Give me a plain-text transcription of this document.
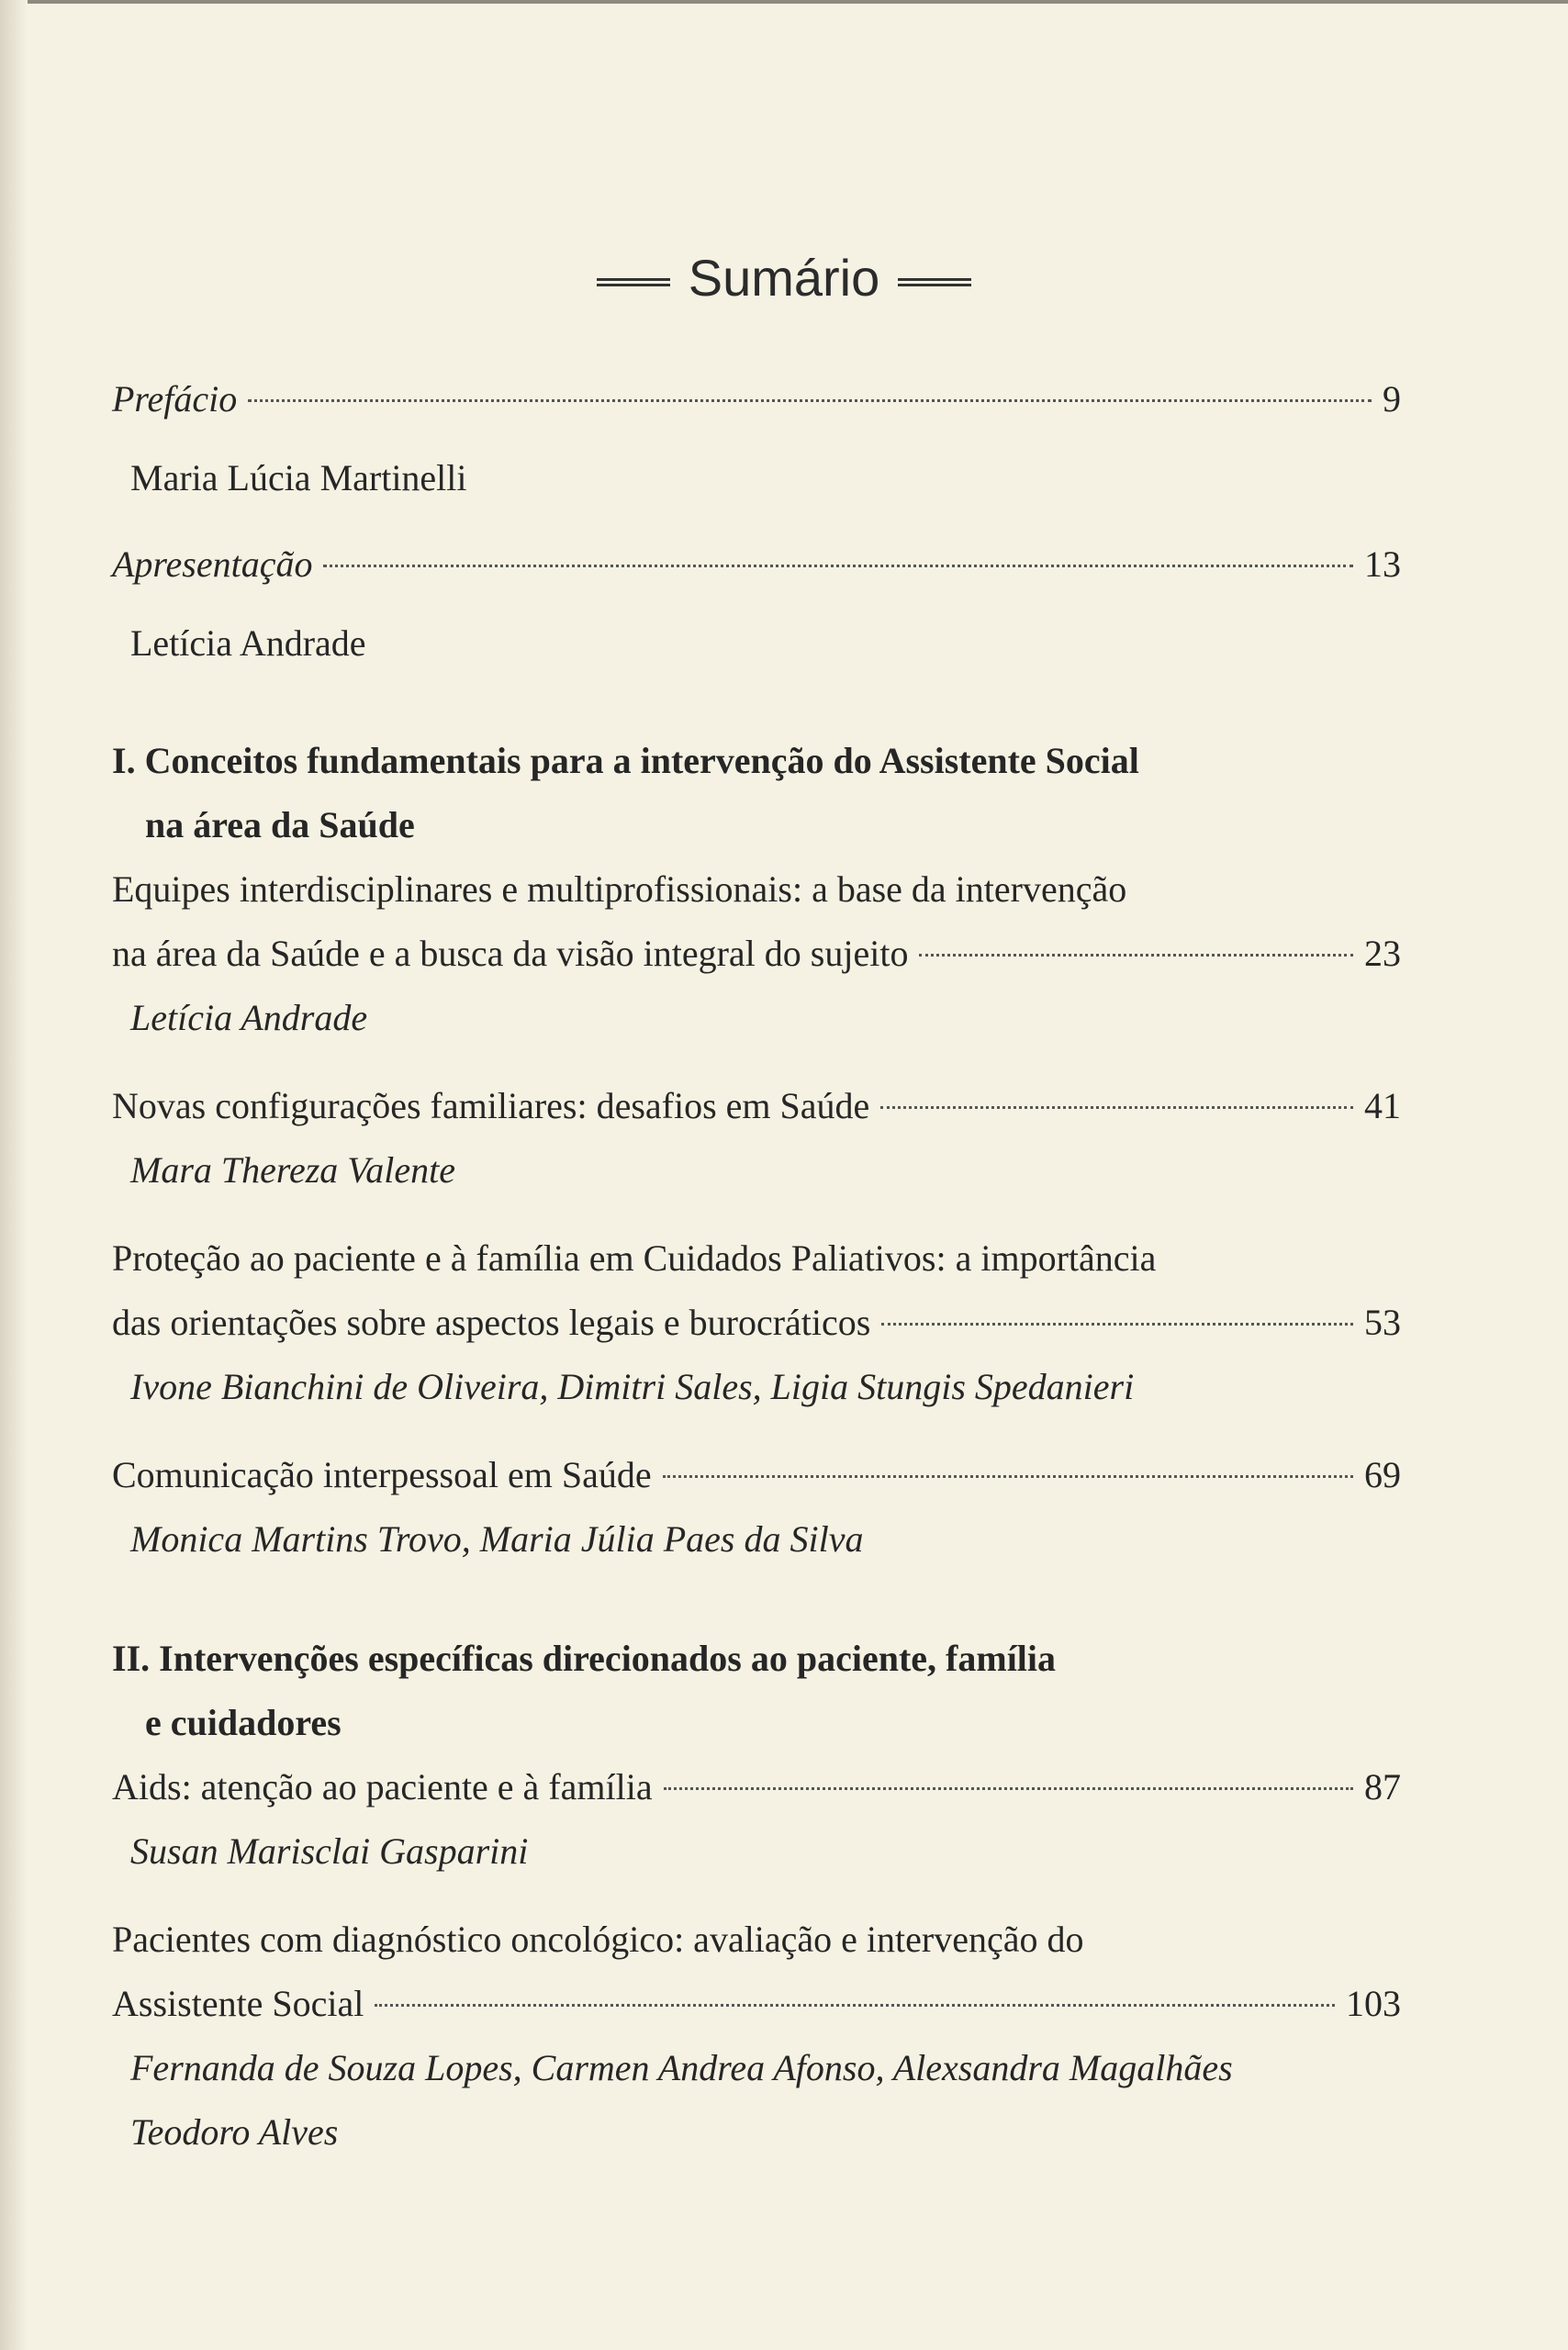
Sumário
Prefácio	9
Maria Lúcia Martinelli
Apresentação	13
Letícia Andrade
I. Conceitos fundamentais para a intervenção do Assistente Social
na área da Saúde
Equipes interdisciplinares e multiprofissionais: a base da intervenção
na área da Saúde e a busca da visão integral do sujeito	23
Letícia Andrade
Novas configurações familiares: desafios em Saúde	41
Mara Thereza Valente
Proteção ao paciente e à família em Cuidados Paliativos: a importância
das orientações sobre aspectos legais e burocráticos	53
Ivone Bianchini de Oliveira, Dimitri Sales, Ligia Stungis Spedanieri
Comunicação interpessoal em Saúde	69
Monica Martins Trovo, Maria Júlia Paes da Silva
II. Intervenções específicas direcionados ao paciente, família
e cuidadores
Aids: atenção ao paciente e à família	87
Susan Marisclai Gasparini
Pacientes com diagnóstico oncológico: avaliação e intervenção do
Assistente Social	103
Fernanda de Souza Lopes, Carmen Andrea Afonso, Alexsandra Magalhães
Teodoro Alves
